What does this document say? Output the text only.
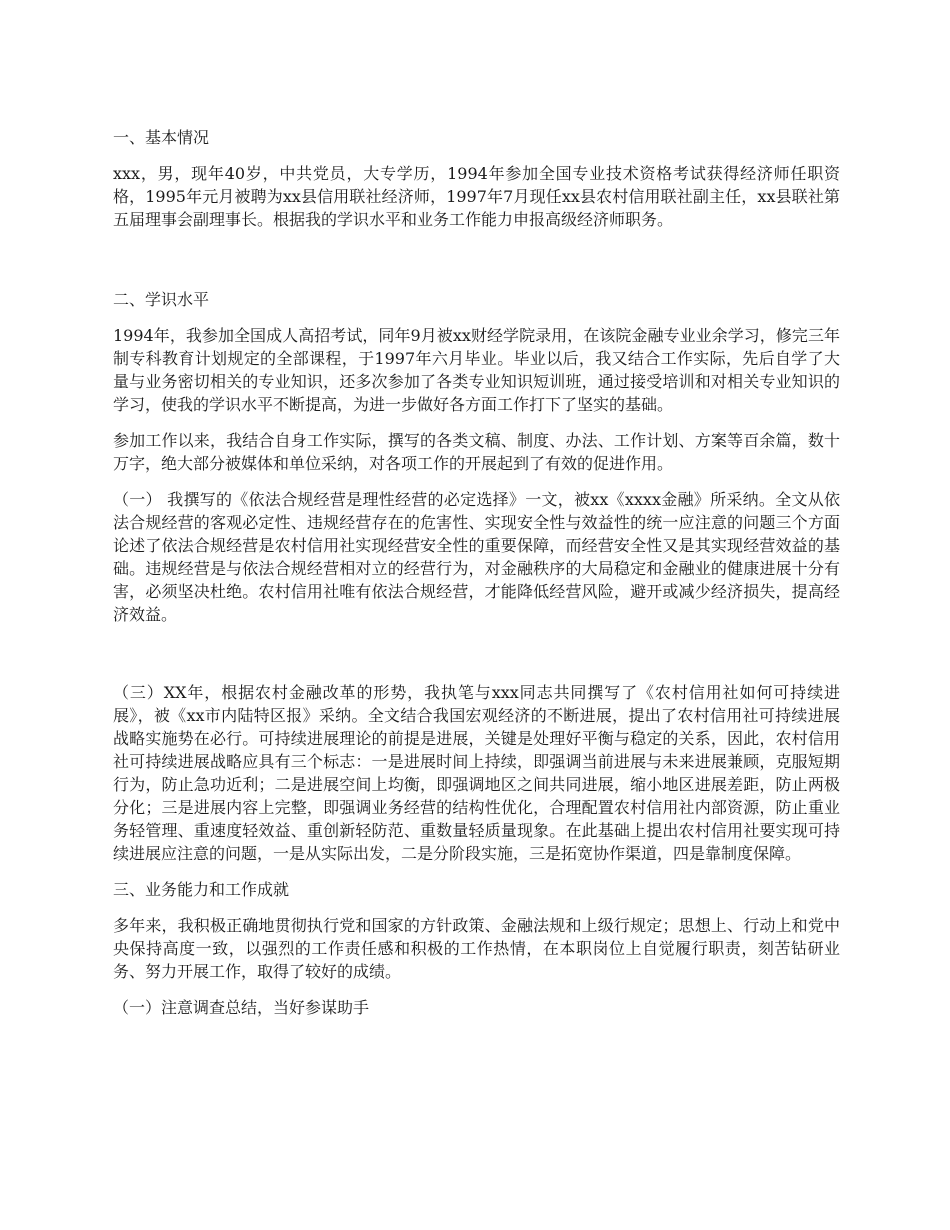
一、基本情况

xxx，男，现年40岁，中共党员，大专学历，1994年参加全国专业技术资格考试获得经济师任职资格，1995年元月被聘为xx县信用联社经济师，1997年7月现任xx县农村信用联社副主任，xx县联社第五届理事会副理事长。根据我的学识水平和业务工作能力申报高级经济师职务。

二、学识水平

1994年，我参加全国成人高招考试，同年9月被xx财经学院录用，在该院金融专业业余学习，修完三年制专科教育计划规定的全部课程，于1997年六月毕业。毕业以后，我又结合工作实际，先后自学了大量与业务密切相关的专业知识，还多次参加了各类专业知识短训班，通过接受培训和对相关专业知识的学习，使我的学识水平不断提高，为进一步做好各方面工作打下了坚实的基础。

参加工作以来，我结合自身工作实际，撰写的各类文稿、制度、办法、工作计划、方案等百余篇，数十万字，绝大部分被媒体和单位采纳，对各项工作的开展起到了有效的促进作用。

（一） 我撰写的《依法合规经营是理性经营的必定选择》一文，被xx《xxxx金融》所采纳。全文从依法合规经营的客观必定性、违规经营存在的危害性、实现安全性与效益性的统一应注意的问题三个方面论述了依法合规经营是农村信用社实现经营安全性的重要保障，而经营安全性又是其实现经营效益的基础。违规经营是与依法合规经营相对立的经营行为，对金融秩序的大局稳定和金融业的健康进展十分有害，必须坚决杜绝。农村信用社唯有依法合规经营，才能降低经营风险，避开或减少经济损失，提高经济效益。

（三）XX年，根据农村金融改革的形势，我执笔与xxx同志共同撰写了《农村信用社如何可持续进展》，被《xx市内陆特区报》采纳。全文结合我国宏观经济的不断进展，提出了农村信用社可持续进展战略实施势在必行。可持续进展理论的前提是进展，关键是处理好平衡与稳定的关系，因此，农村信用社可持续进展战略应具有三个标志：一是进展时间上持续，即强调当前进展与未来进展兼顾，克服短期行为，防止急功近利；二是进展空间上均衡，即强调地区之间共同进展，缩小地区进展差距，防止两极分化；三是进展内容上完整，即强调业务经营的结构性优化，合理配置农村信用社内部资源，防止重业务轻管理、重速度轻效益、重创新轻防范、重数量轻质量现象。在此基础上提出农村信用社要实现可持续进展应注意的问题，一是从实际出发，二是分阶段实施，三是拓宽协作渠道，四是靠制度保障。

三、业务能力和工作成就

多年来，我积极正确地贯彻执行党和国家的方针政策、金融法规和上级行规定；思想上、行动上和党中央保持高度一致，以强烈的工作责任感和积极的工作热情，在本职岗位上自觉履行职责，刻苦钻研业务、努力开展工作，取得了较好的成绩。

（一）注意调查总结，当好参谋助手
